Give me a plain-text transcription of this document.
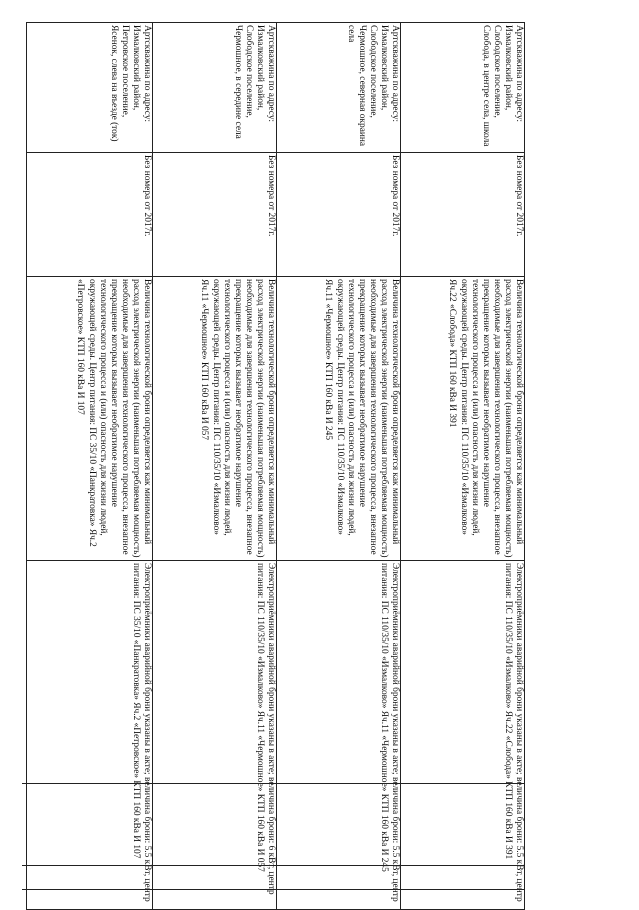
Артскважина по адресу: Измалковский район, Слободское поселение, Слобода, в центре села, школа
Без номера от 2017г.
Величина технологической брони определяется как минимальный расход электрической энергии (наименьшая потребляемая мощность) необходимые для завершения технологического процесса, внезапное прекращение которых вызывает необратимое нарушение технологического процесса и (или) опасность для жизни людей, окружающей среды. Центр питания: ПС 110/35/10 «Измалково» Яч.22 «Слобода» КТП 160 кВа И 391
Электроприёмники аварийной брони указаны в акте; величина брони: 5.5 кВт, центр питания: ПС 110/35/10 «Измалково» Яч.22 «Слобода» КТП 160 кВа И 391
Артскважина по адресу: Измалковский район, Слободское поселение, Чермошное, северная окраина села
Без номера от 2017г.
Величина технологической брони определяется как минимальный расход электрической энергии (наименьшая потребляемая мощность) необходимые для завершения технологического процесса, внезапное прекращение которых вызывает необратимое нарушение технологического процесса и (или) опасность для жизни людей, окружающей среды. Центр питания: ПС 110/35/10 «Измалково» Яч.11 «Чермошное» КТП 160 кВа И 245
Электроприёмники аварийной брони указаны в акте; величина брони: 5.5 кВт, центр питания: ПС 110/35/10 «Измалково» Яч.11 «Чермошное» КТП 160 кВа И 245
Артскважина по адресу: Измалковский район, Слободское поселение, Чермошное, в середине села
Без номера от 2017г.
Величина технологической брони определяется как минимальный расход электрической энергии (наименьшая потребляемая мощность) необходимые для завершения технологического процесса, внезапное прекращение которых вызывает необратимое нарушение технологического процесса и (или) опасность для жизни людей, окружающей среды. Центр питания: ПС 110/35/10 «Измалково» Яч.11 «Чермошное» КТП 160 кВа И 057
Электроприёмники аварийной брони указаны в акте; величина брони: 6 кВт, центр питания: ПС 110/35/10 «Измалково» Яч.11 «Чермошное» КТП 160 кВа И 057
Артскважина по адресу: Измалковский район, Петровское поселение, Ясенок, слева на въезде (ток)
Без номера от 2017г.
Величина технологической брони определяется как минимальный расход электрической энергии (наименьшая потребляемая мощность) необходимые для завершения технологического процесса, внезапное прекращение которых вызывает необратимое нарушение технологического процесса и (или) опасность для жизни людей, окружающей среды. Центр питания: ПС 35/10 «Панкратовка» Яч.2 «Петровское» КТП 160 кВа И 107
Электроприёмники аварийной брони указаны в акте; величина брони: 5.5 кВт, центр питания: ПС 35/10 «Панкратовка» Яч.2 «Петровское» КТП 160 кВа И 107
